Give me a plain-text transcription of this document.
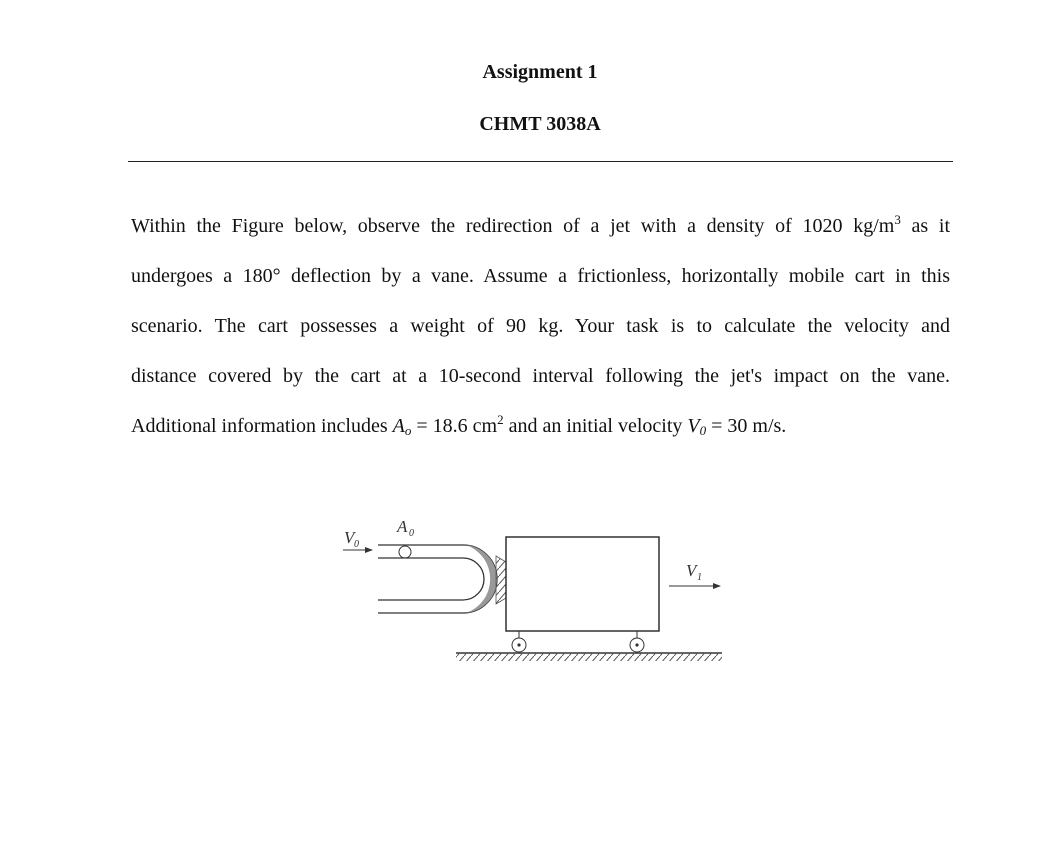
Assignment 1
CHMT 3038A
Within the Figure below, observe the redirection of a jet with a density of 1020 $kg/m^3$ as it
undergoes a 180° deflection by a vane. Assume a frictionless, horizontally mobile cart in this
scenario. The cart possesses a weight of 90 kg. Your task is to calculate the velocity and
distance covered by the cart at a 10-second interval following the jet's impact on the vane.
Additional information includes $A_o = 18.6$ $cm^2$ and an initial velocity $V_0 = 30$ m/s.
V 0
A 0
V 1
